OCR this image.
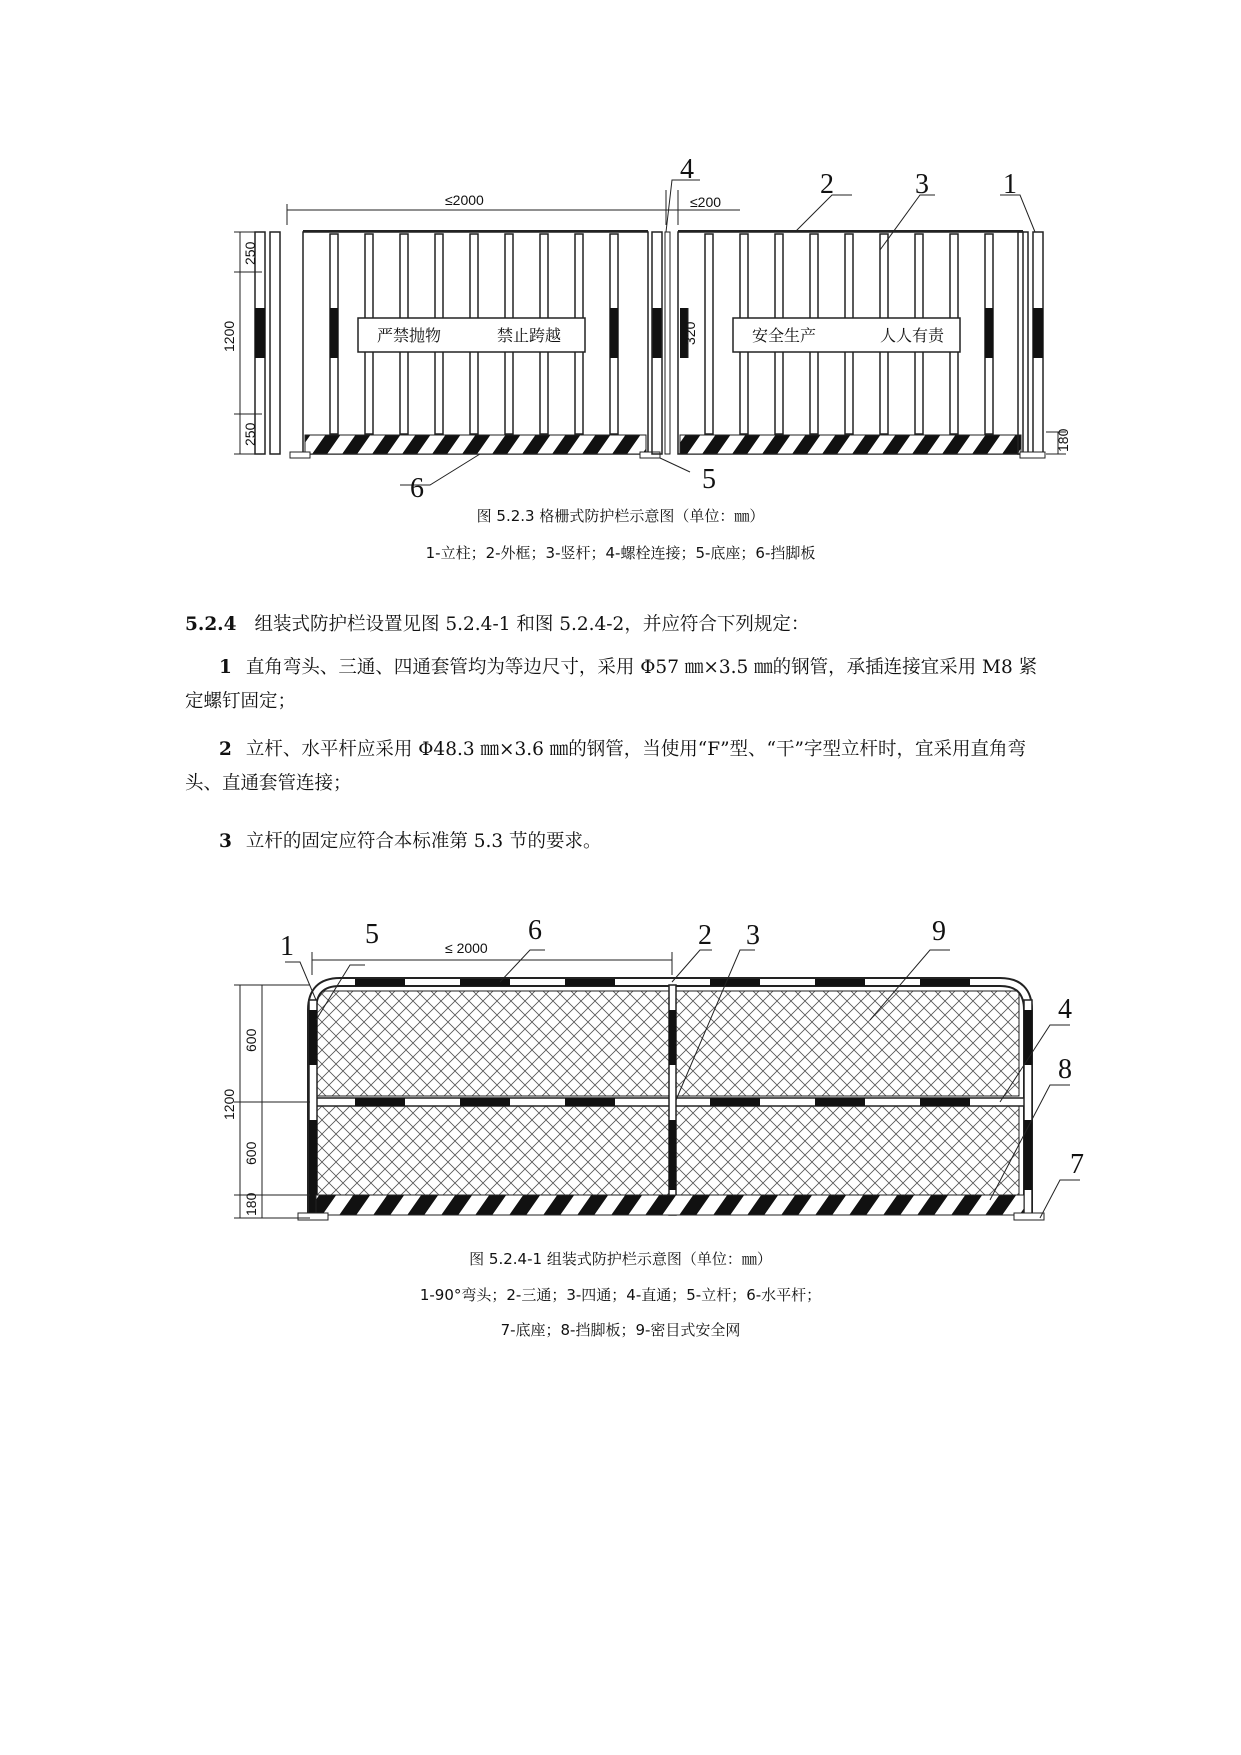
严禁抛物	禁止跨越	安全生产	人人有责
≤2000	≤200
1200
250
250
320
180
1
2	3
4
5
6
图 5.2.3 格栅式防护栏示意图（单位：㎜）
1-立柱；2-外框；3-竖杆；4-螺栓连接；5-底座；6-挡脚板
5.2.4 组装式防护栏设置见图 5.2.4-1 和图 5.2.4-2，并应符合下列规定：
1 直角弯头、三通、四通套管均为等边尺寸，采用 Φ57 ㎜×3.5 ㎜的钢管，承插连接宜采用 M8 紧定螺钉固定；
2 立杆、水平杆应采用 Φ48.3 ㎜×3.6 ㎜的钢管，当使用“F”型、“干”字型立杆时，宜采用直角弯头、直通套管连接；
3 立杆的固定应符合本标准第 5.3 节的要求。
≤ 2000
1200
600
600
180
1	5	6	2 3	9
4
8
7
图 5.2.4-1 组装式防护栏示意图（单位：㎜）
1-90°弯头；2-三通；3-四通；4-直通；5-立杆；6-水平杆；
7-底座；8-挡脚板；9-密目式安全网
